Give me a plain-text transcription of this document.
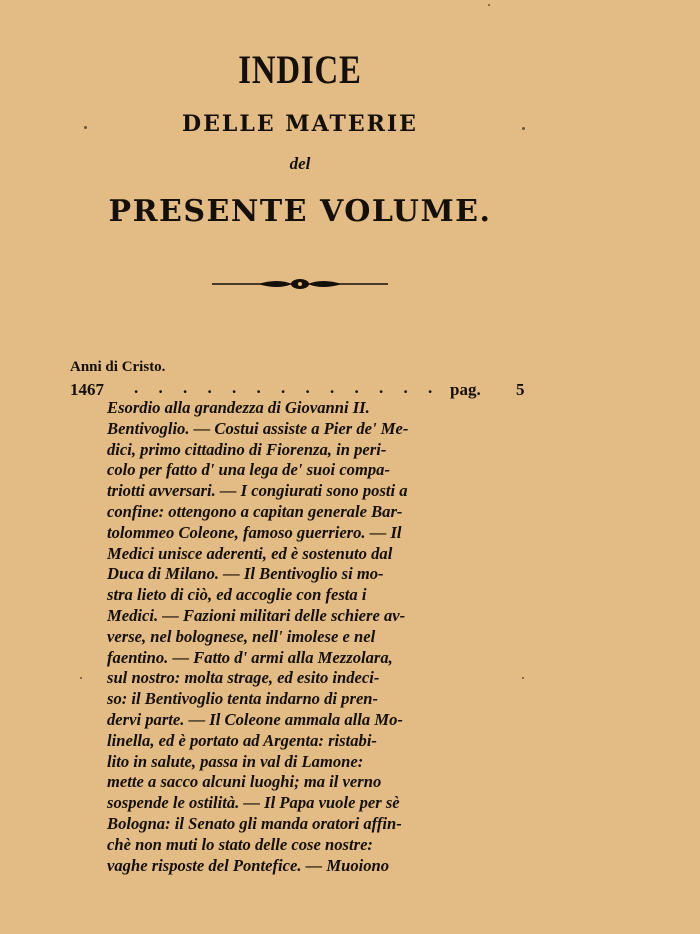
INDICE
DELLE MATERIE
del
PRESENTE VOLUME.
Anni di Cristo.
1467 . . . . . . . . . . . . . pag. 5
Esordio alla grandezza di Giovanni II.
Bentivoglio. — Costui assiste a Pier de' Me-
dici, primo cittadino di Fiorenza, in peri-
colo per fatto d' una lega de' suoi compa-
triotti avversari. — I congiurati sono posti a
confine: ottengono a capitan generale Bar-
tolommeo Coleone, famoso guerriero. — Il
Medici unisce aderenti, ed è sostenuto dal
Duca di Milano. — Il Bentivoglio si mo-
stra lieto di ciò, ed accoglie con festa i
Medici. — Fazioni militari delle schiere av-
verse, nel bolognese, nell' imolese e nel
faentino. — Fatto d' armi alla Mezzolara,
sul nostro: molta strage, ed esito indeci-
so: il Bentivoglio tenta indarno di pren-
dervi parte. — Il Coleone ammala alla Mo-
linella, ed è portato ad Argenta: ristabi-
lito in salute, passa in val di Lamone:
mette a sacco alcuni luoghi; ma il verno
sospende le ostilità. — Il Papa vuole per sè
Bologna: il Senato gli manda oratori affin-
chè non muti lo stato delle cose nostre:
vaghe risposte del Pontefice. — Muoiono
